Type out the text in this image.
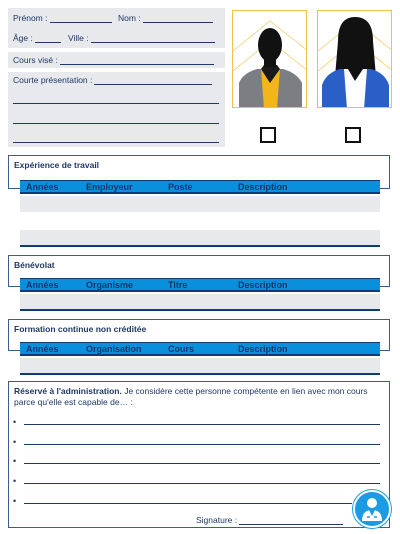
Prénom :	Nom :
Âge :	Ville :
Cours visé :
Courte présentation :
Expérience de travail
Années	Employeur	Poste	Description
Bénévolat
Années	Organisme	Titre	Description
Formation continue non créditée
Années	Organisation	Cours	Description
Réservé à l'administration. Je considère cette personne compétente en lien avec mon cours parce qu'elle est capable de… :
•
•
•
•
•
Signature :
